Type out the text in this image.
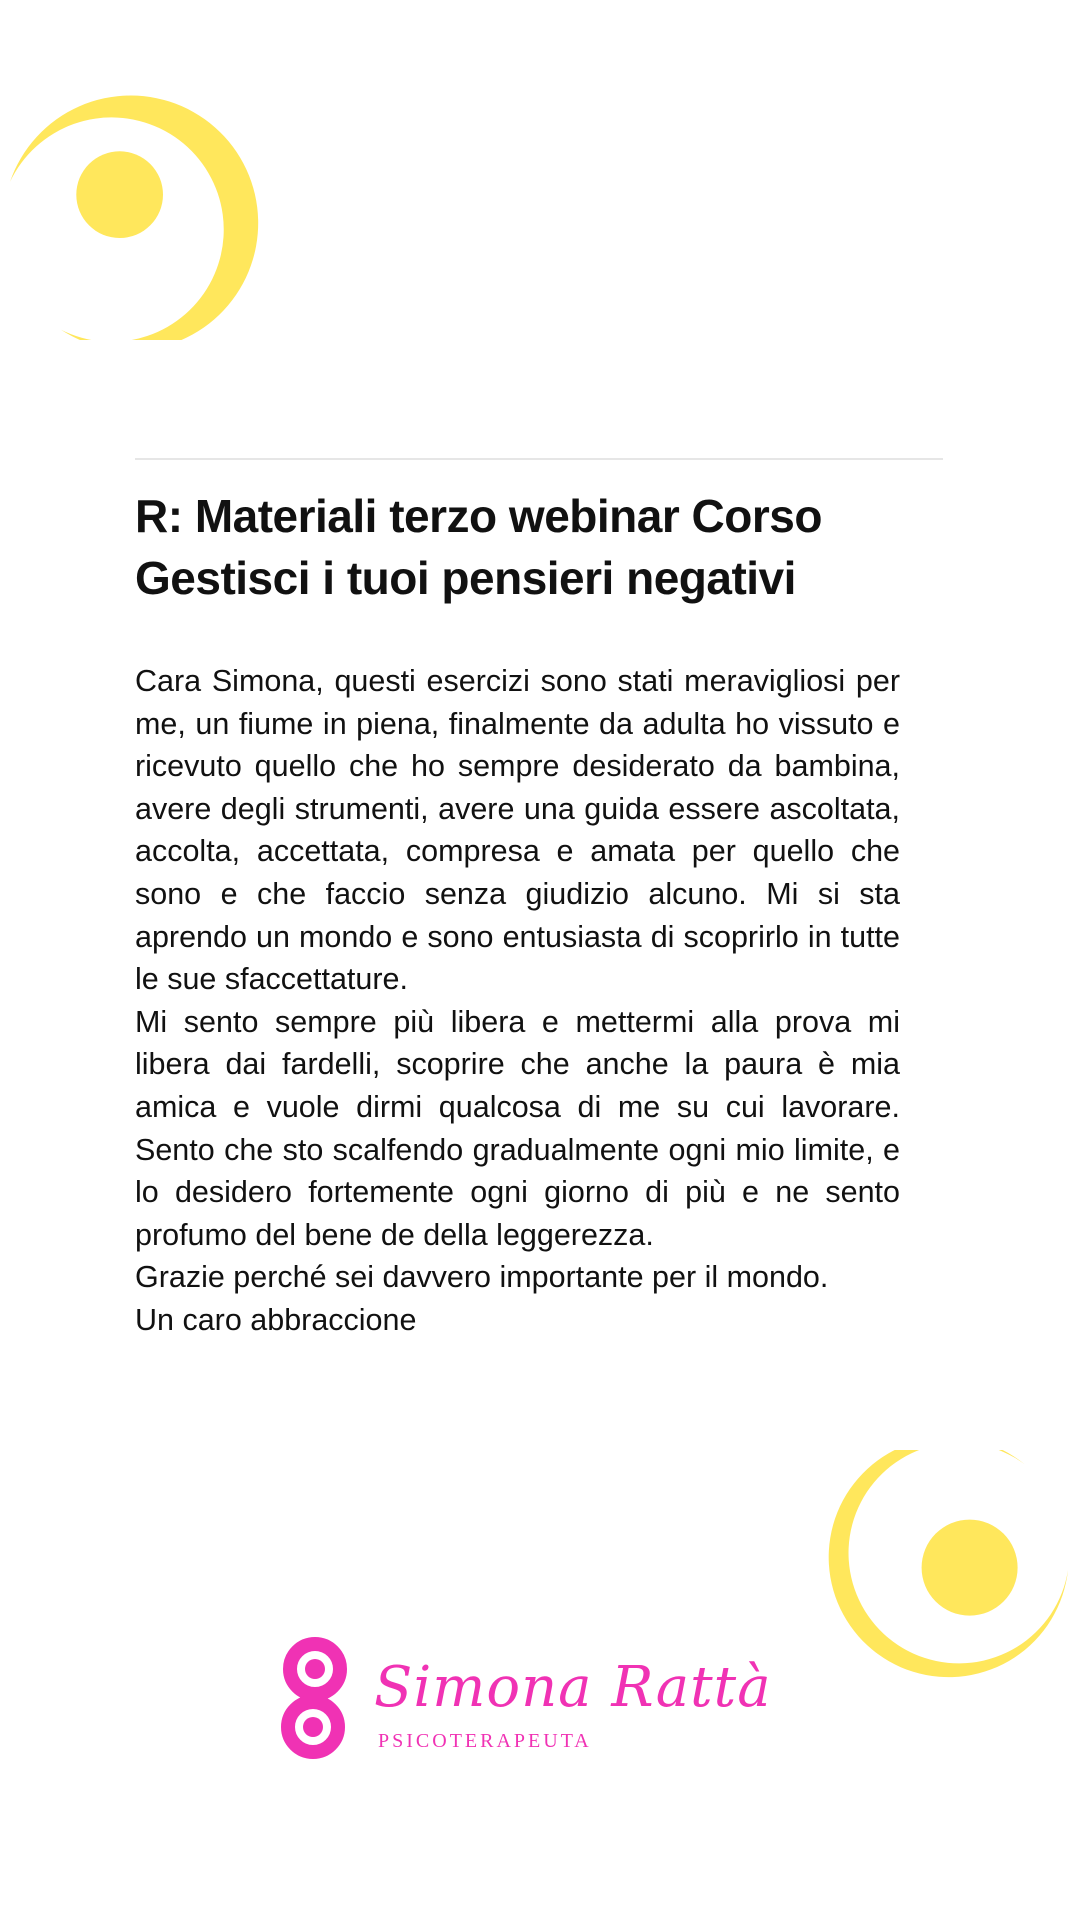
R: Materiali terzo webinar Corso Gestisci i tuoi pensieri negativi

Cara Simona, questi esercizi sono stati meravigliosi per me, un fiume in piena, finalmente da adulta ho vissuto e ricevuto quello che ho sempre desiderato da bambina, avere degli strumenti, avere una guida essere ascoltata, accolta, accettata, compresa e amata per quello che sono e che faccio senza giudizio alcuno. Mi si sta aprendo un mondo e sono entusiasta di scoprirlo in tutte le sue sfaccettature.

Mi sento sempre più libera e mettermi alla prova mi libera dai fardelli, scoprire che anche la paura è mia amica e vuole dirmi qualcosa di me su cui lavorare. Sento che sto scalfendo gradualmente ogni mio limite, e lo desidero fortemente ogni giorno di più e ne sento profumo del bene de della leggerezza.

Grazie perché sei davvero importante per il mondo.

Un caro abbraccione

Simona Rattà
PSICOTERAPEUTA
